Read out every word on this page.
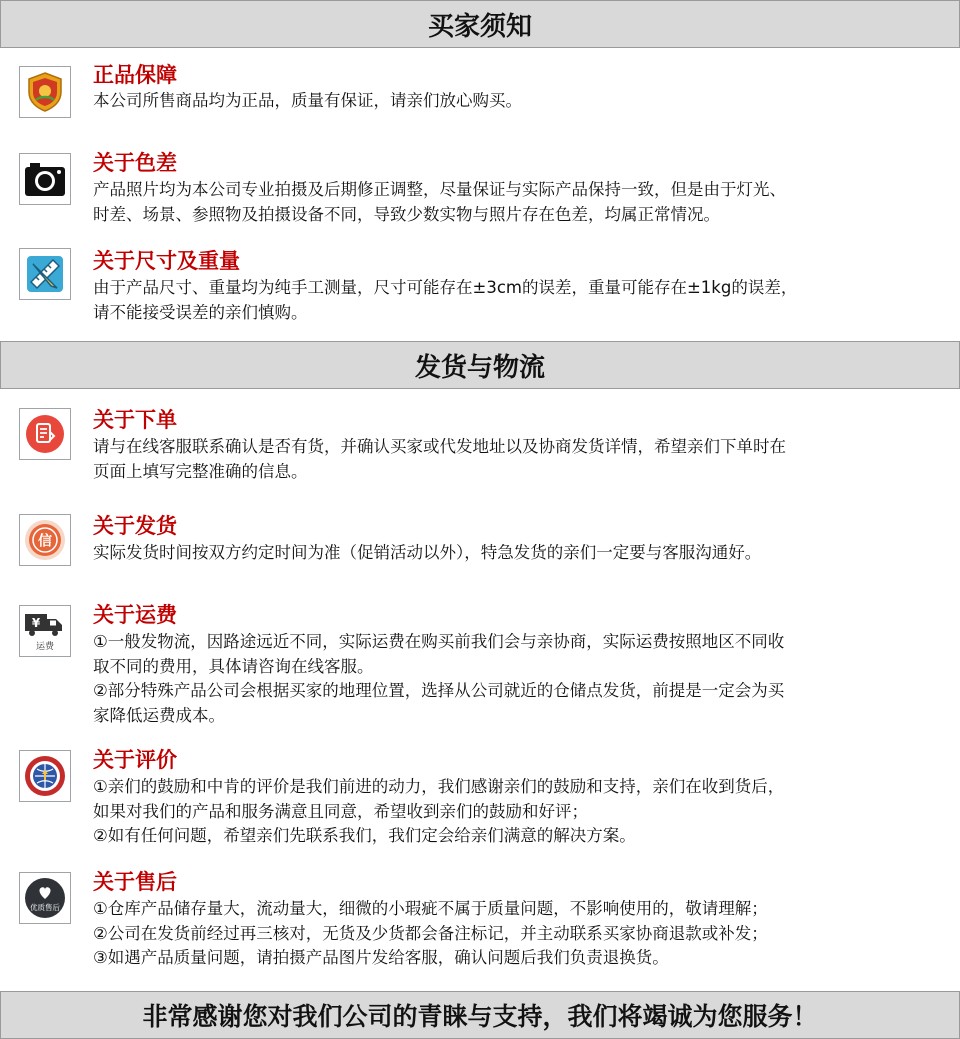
买家须知
正品保障
本公司所售商品均为正品，质量有保证，请亲们放心购买。
关于色差
产品照片均为本公司专业拍摄及后期修正调整，尽量保证与实际产品保持一致，但是由于灯光、
时差、场景、参照物及拍摄设备不同，导致少数实物与照片存在色差，均属正常情况。
关于尺寸及重量
由于产品尺寸、重量均为纯手工测量，尺寸可能存在±3cm的误差，重量可能存在±1kg的误差，
请不能接受误差的亲们慎购。
发货与物流
关于下单
请与在线客服联系确认是否有货，并确认买家或代发地址以及协商发货详情，希望亲们下单时在
页面上填写完整准确的信息。
信
关于发货
实际发货时间按双方约定时间为准（促销活动以外），特急发货的亲们一定要与客服沟通好。
¥
运费
关于运费
①一般发物流，因路途远近不同，实际运费在购买前我们会与亲协商，实际运费按照地区不同收
取不同的费用，具体请咨询在线客服。
②部分特殊产品公司会根据买家的地理位置，选择从公司就近的仓储点发货，前提是一定会为买
家降低运费成本。
关于评价
①亲们的鼓励和中肯的评价是我们前进的动力，我们感谢亲们的鼓励和支持，亲们在收到货后，
如果对我们的产品和服务满意且同意，希望收到亲们的鼓励和好评；
②如有任何问题，希望亲们先联系我们，我们定会给亲们满意的解决方案。
优质售后
关于售后
①仓库产品储存量大，流动量大，细微的小瑕疵不属于质量问题，不影响使用的，敬请理解；
②公司在发货前经过再三核对，无货及少货都会备注标记，并主动联系买家协商退款或补发；
③如遇产品质量问题，请拍摄产品图片发给客服，确认问题后我们负责退换货。
非常感谢您对我们公司的青睐与支持，我们将竭诚为您服务！
